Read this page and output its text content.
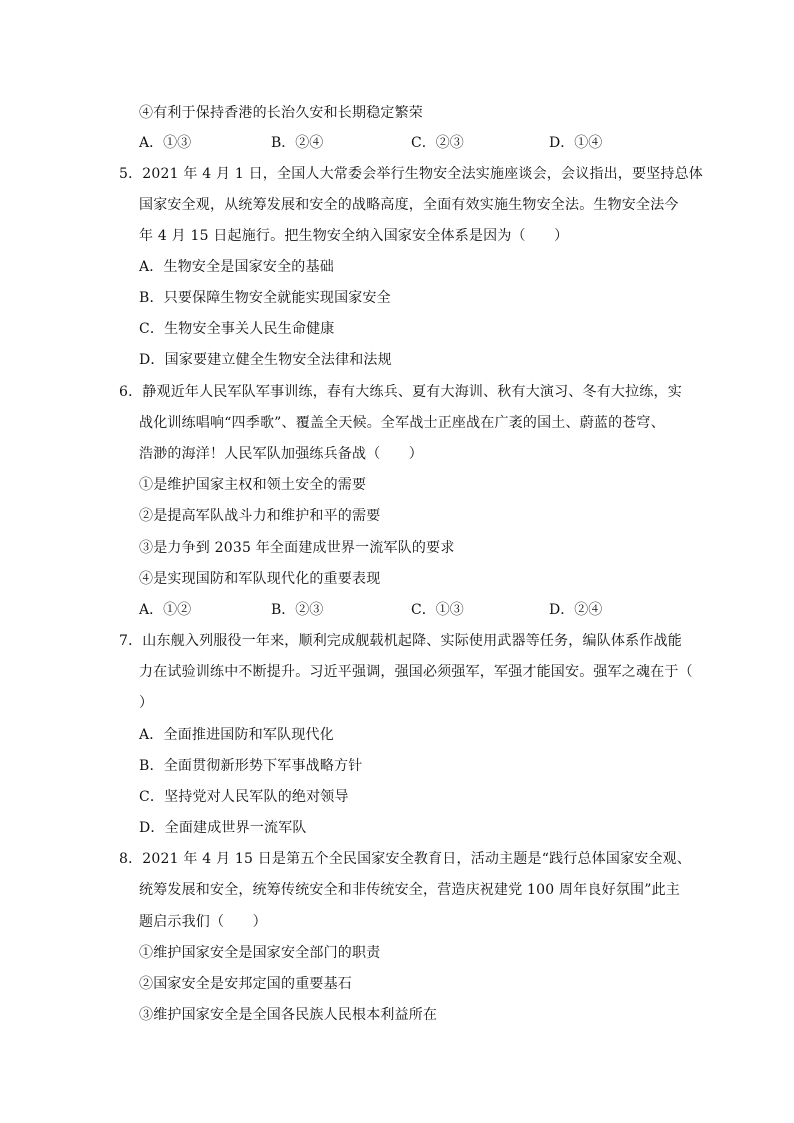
④有利于保持香港的长治久安和长期稳定繁荣
A．①③	B．②④	C．②③	D．①④
5．2021 年 4 月 1 日，全国人大常委会举行生物安全法实施座谈会，会议指出，要坚持总体
国家安全观，从统筹发展和安全的战略高度，全面有效实施生物安全法。生物安全法今
年 4 月 15 日起施行。把生物安全纳入国家安全体系是因为（　　）
A．生物安全是国家安全的基础
B．只要保障生物安全就能实现国家安全
C．生物安全事关人民生命健康
D．国家要建立健全生物安全法律和法规
6．静观近年人民军队军事训练，春有大练兵、夏有大海训、秋有大演习、冬有大拉练，实
战化训练唱响“四季歌”、覆盖全天候。全军战士正座战在广袤的国土、蔚蓝的苍穹、
浩渺的海洋！人民军队加强练兵备战（　　）
①是维护国家主权和领土安全的需要
②是提高军队战斗力和维护和平的需要
③是力争到 2035 年全面建成世界一流军队的要求
④是实现国防和军队现代化的重要表现
A．①②	B．②③	C．①③	D．②④
7．山东舰入列服役一年来，顺利完成舰载机起降、实际使用武器等任务，编队体系作战能
力在试验训练中不断提升。习近平强调，强国必须强军，军强才能国安。强军之魂在于（
）
A．全面推进国防和军队现代化
B．全面贯彻新形势下军事战略方针
C．坚持党对人民军队的绝对领导
D．全面建成世界一流军队
8．2021 年 4 月 15 日是第五个全民国家安全教育日，活动主题是“践行总体国家安全观、
统筹发展和安全，统筹传统安全和非传统安全，营造庆祝建党 100 周年良好氛围”此主
题启示我们（　　）
①维护国家安全是国家安全部门的职责
②国家安全是安邦定国的重要基石
③维护国家安全是全国各民族人民根本利益所在
